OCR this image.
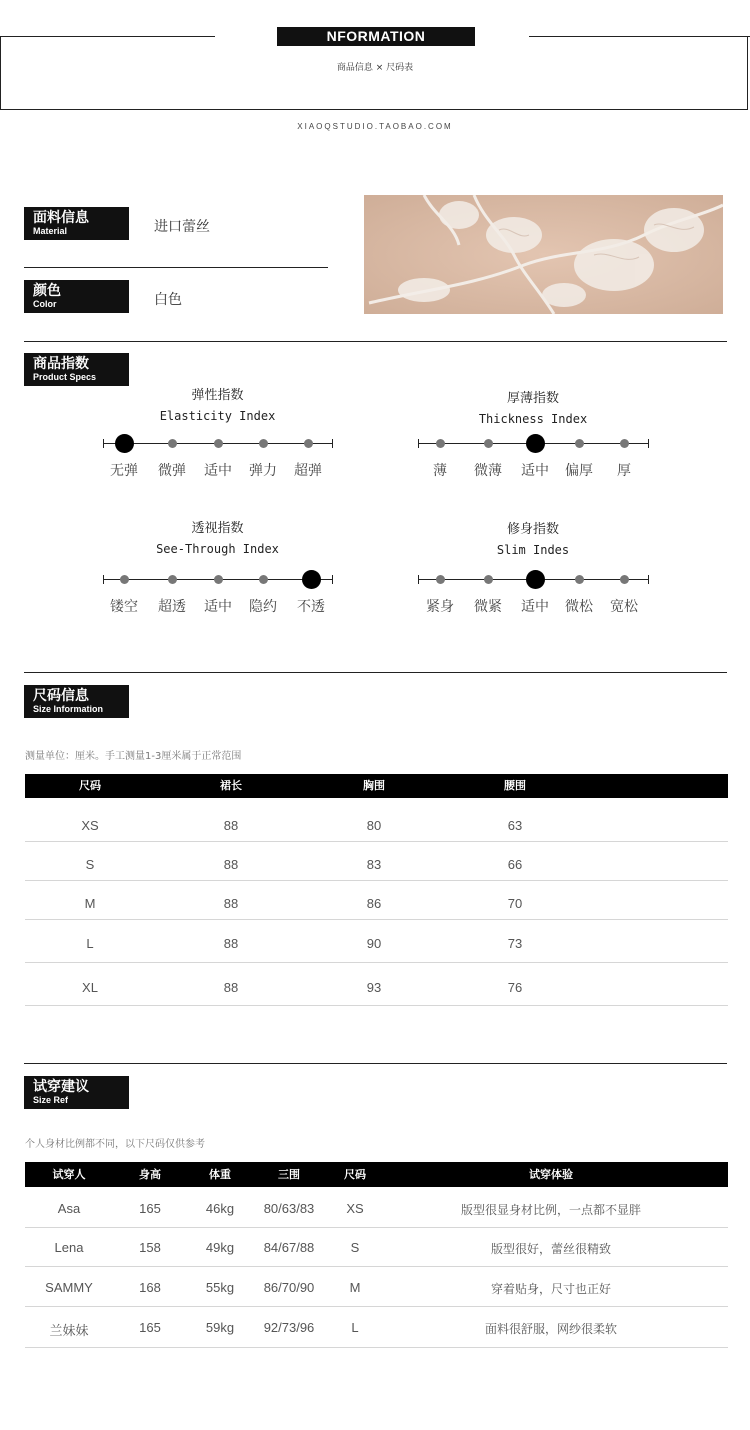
NFORMATION
商品信息 × 尺码表
XIAOQSTUDIO.TAOBAO.COM
面料信息
Material	进口蕾丝
颜色
Color	白色
商品指数
Product Specs
弹性指数
Elasticity Index
无弹	微弹	适中	弹力	超弹
厚薄指数
Thickness Index
薄	微薄	适中	偏厚	厚
透视指数
See-Through Index
镂空	超透	适中	隐约	不透
修身指数
Slim Indes
紧身	微紧	适中	微松	宽松
尺码信息
Size Information
测量单位：厘米。手工测量1-3厘米属于正常范围
尺码	裙长	胸围	腰围
XS	88	80	63
S	88	83	66
M	88	86	70
L	88	90	73
XL	88	93	76
试穿建议
Size Ref
个人身材比例都不同，以下尺码仅供参考
试穿人	身高	体重	三围	尺码	试穿体验
Asa	165	46kg	80/63/83	XS	版型很显身材比例，一点都不显胖
Lena	158	49kg	84/67/88	S	版型很好，蕾丝很精致
SAMMY	168	55kg	86/70/90	M	穿着贴身，尺寸也正好
兰妹妹	165	59kg	92/73/96	L	面料很舒服，网纱很柔软
